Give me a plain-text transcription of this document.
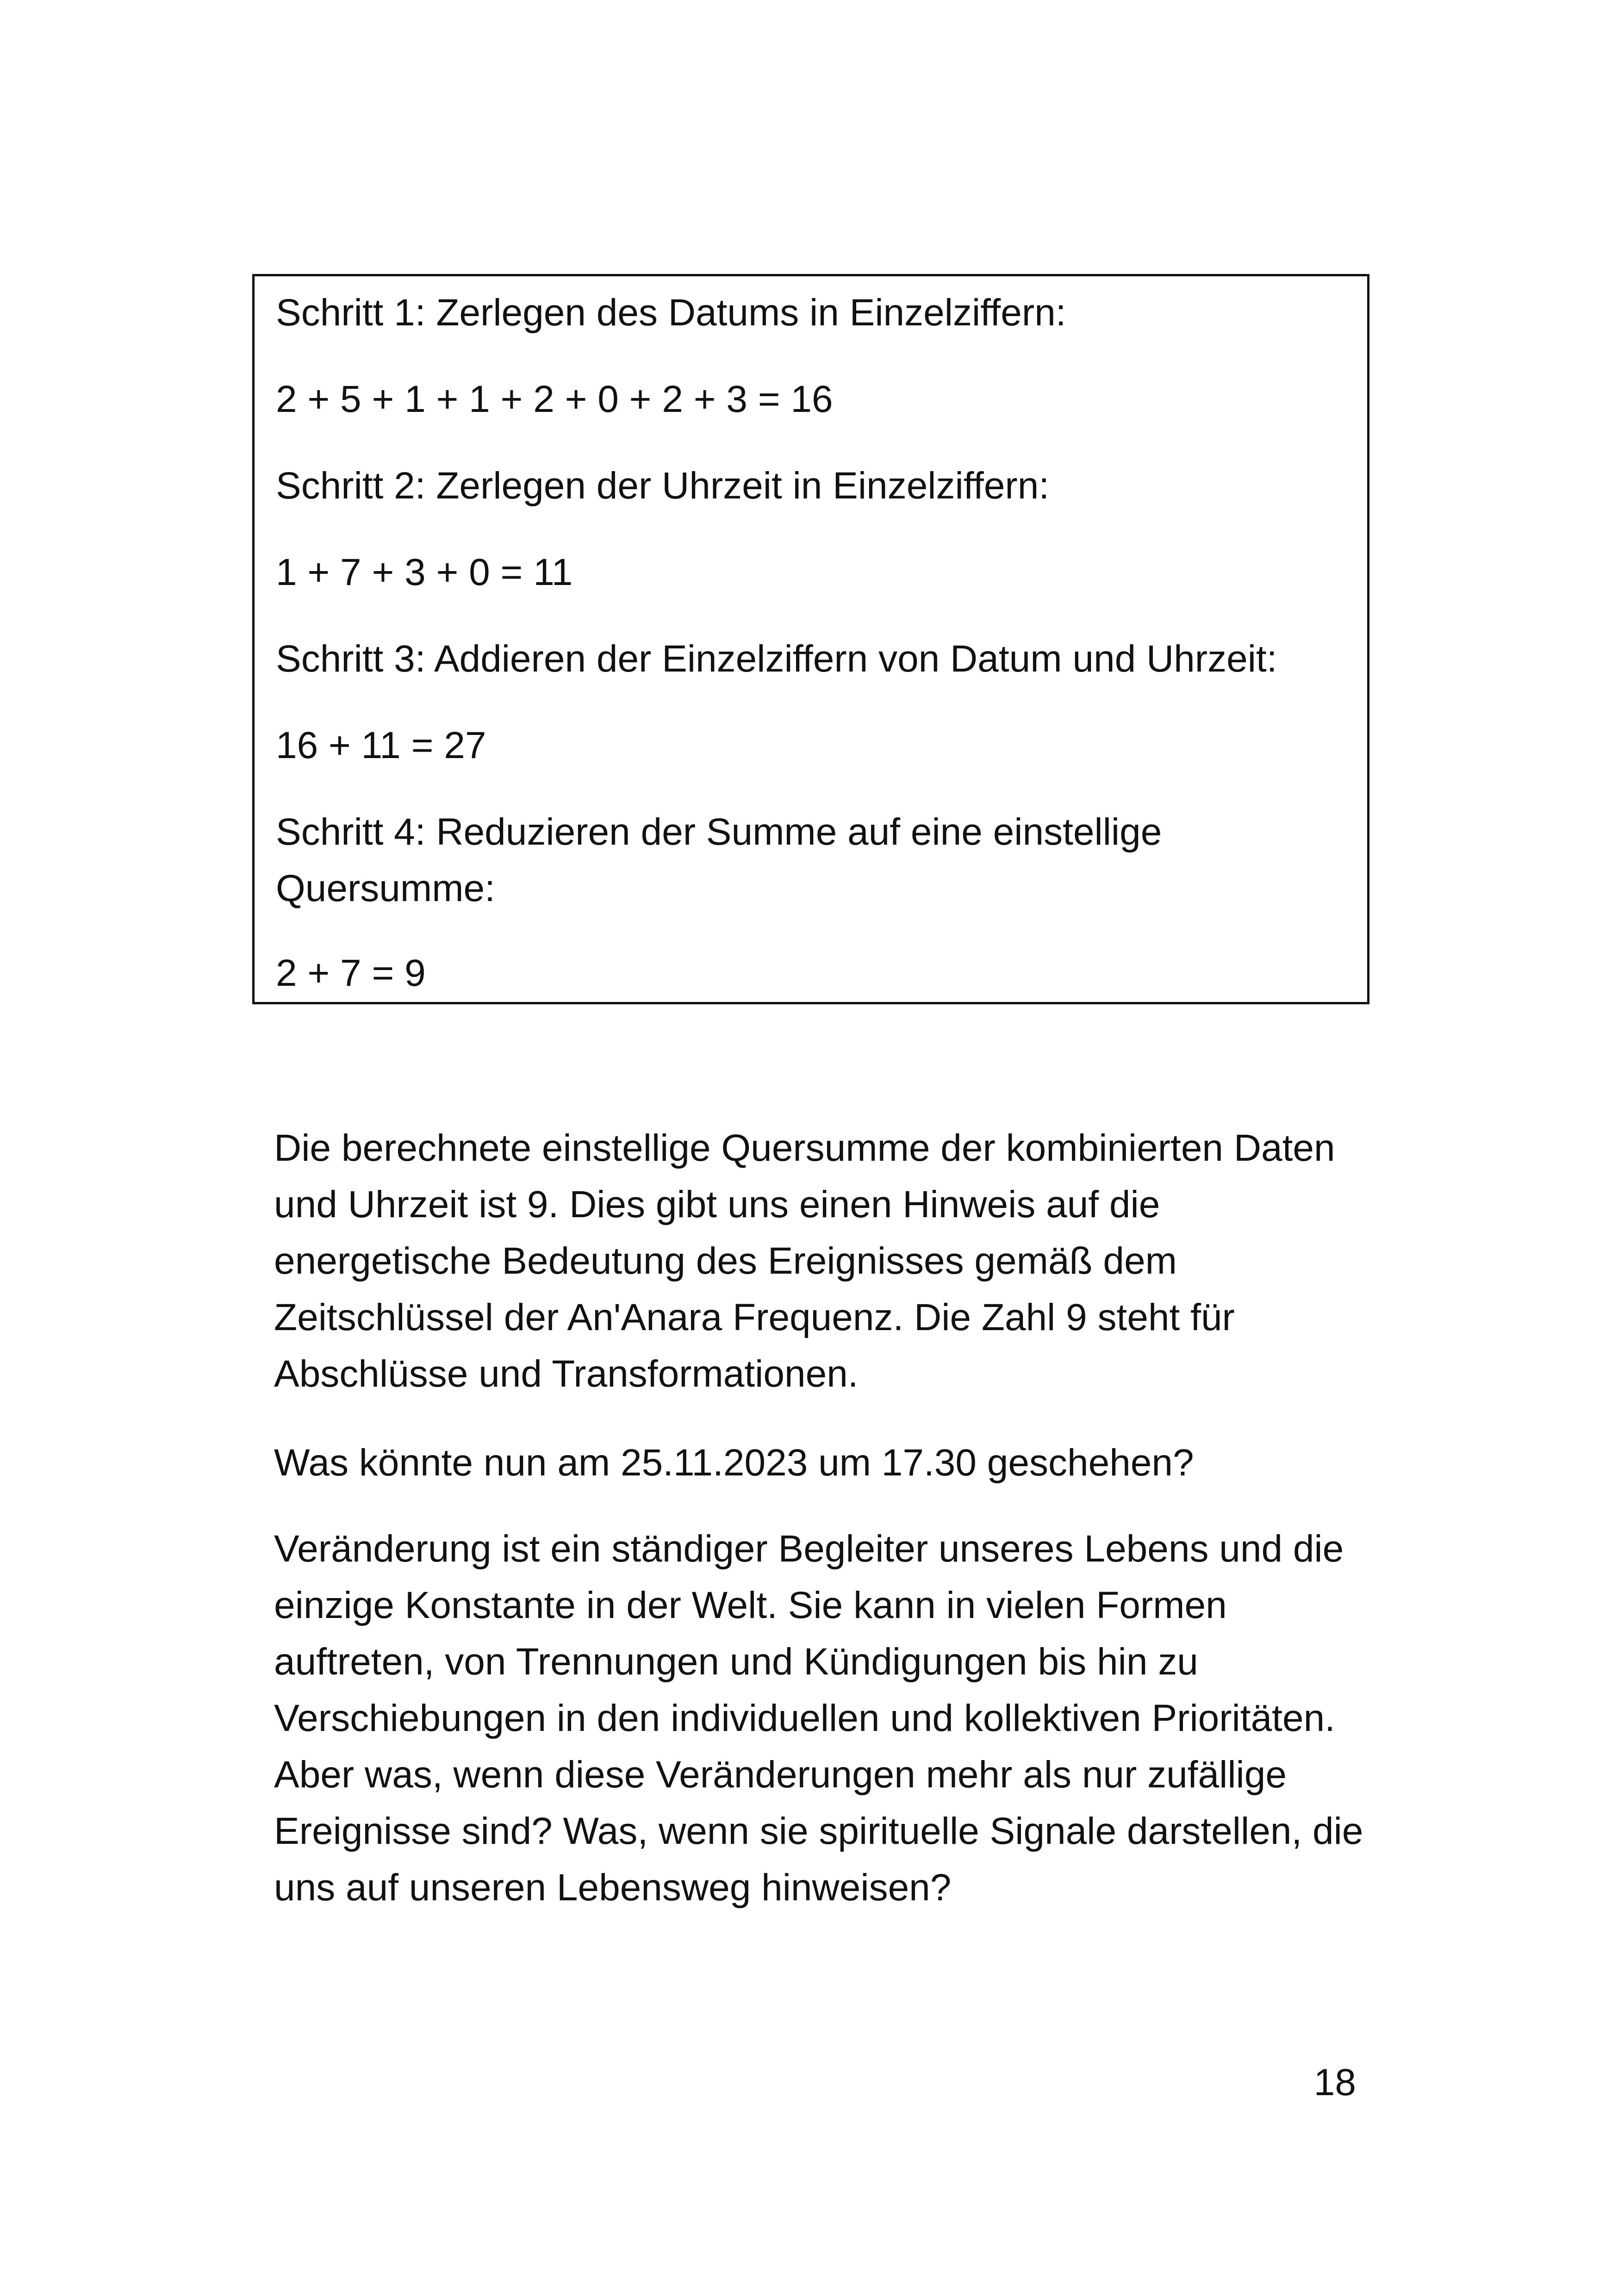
Schritt 1: Zerlegen des Datums in Einzelziffern:

2 + 5 + 1 + 1 + 2 + 0 + 2 + 3 = 16

Schritt 2: Zerlegen der Uhrzeit in Einzelziffern:

1 + 7 + 3 + 0 = 11

Schritt 3: Addieren der Einzelziffern von Datum und Uhrzeit:

16 + 11 = 27

Schritt 4: Reduzieren der Summe auf eine einstellige Quersumme:

2 + 7 = 9

Die berechnete einstellige Quersumme der kombinierten Daten und Uhrzeit ist 9. Dies gibt uns einen Hinweis auf die energetische Bedeutung des Ereignisses gemäß dem Zeitschlüssel der An'Anara Frequenz. Die Zahl 9 steht für Abschlüsse und Transformationen.

Was könnte nun am 25.11.2023 um 17.30 geschehen?

Veränderung ist ein ständiger Begleiter unseres Lebens und die einzige Konstante in der Welt. Sie kann in vielen Formen auftreten, von Trennungen und Kündigungen bis hin zu Verschiebungen in den individuellen und kollektiven Prioritäten. Aber was, wenn diese Veränderungen mehr als nur zufällige Ereignisse sind? Was, wenn sie spirituelle Signale darstellen, die uns auf unseren Lebensweg hinweisen?

18
